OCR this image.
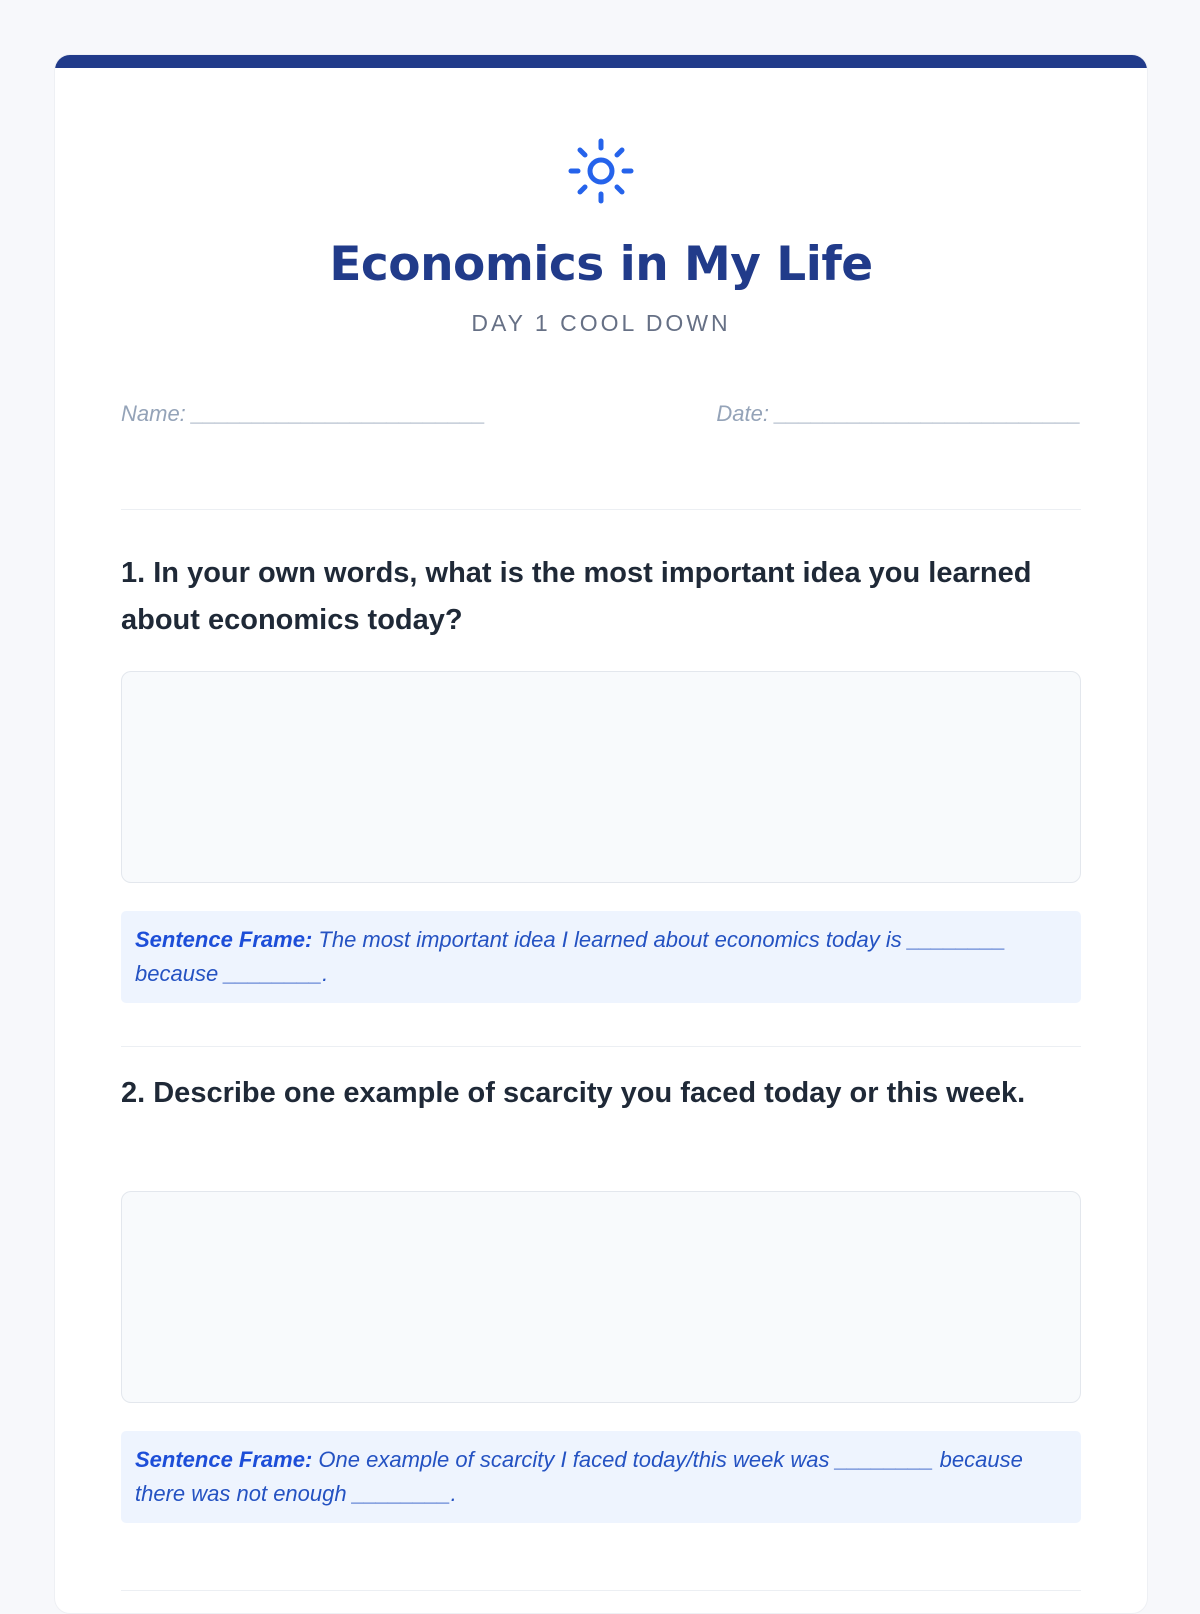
Economics in My Life
DAY 1 COOL DOWN
Name: ________________________	Date: _________________________
1. In your own words, what is the most important idea you learned about economics today?
Sentence Frame: The most important idea I learned about economics today is ________ because ________.
2. Describe one example of scarcity you faced today or this week.
Sentence Frame: One example of scarcity I faced today/this week was ________ because there was not enough ________.
